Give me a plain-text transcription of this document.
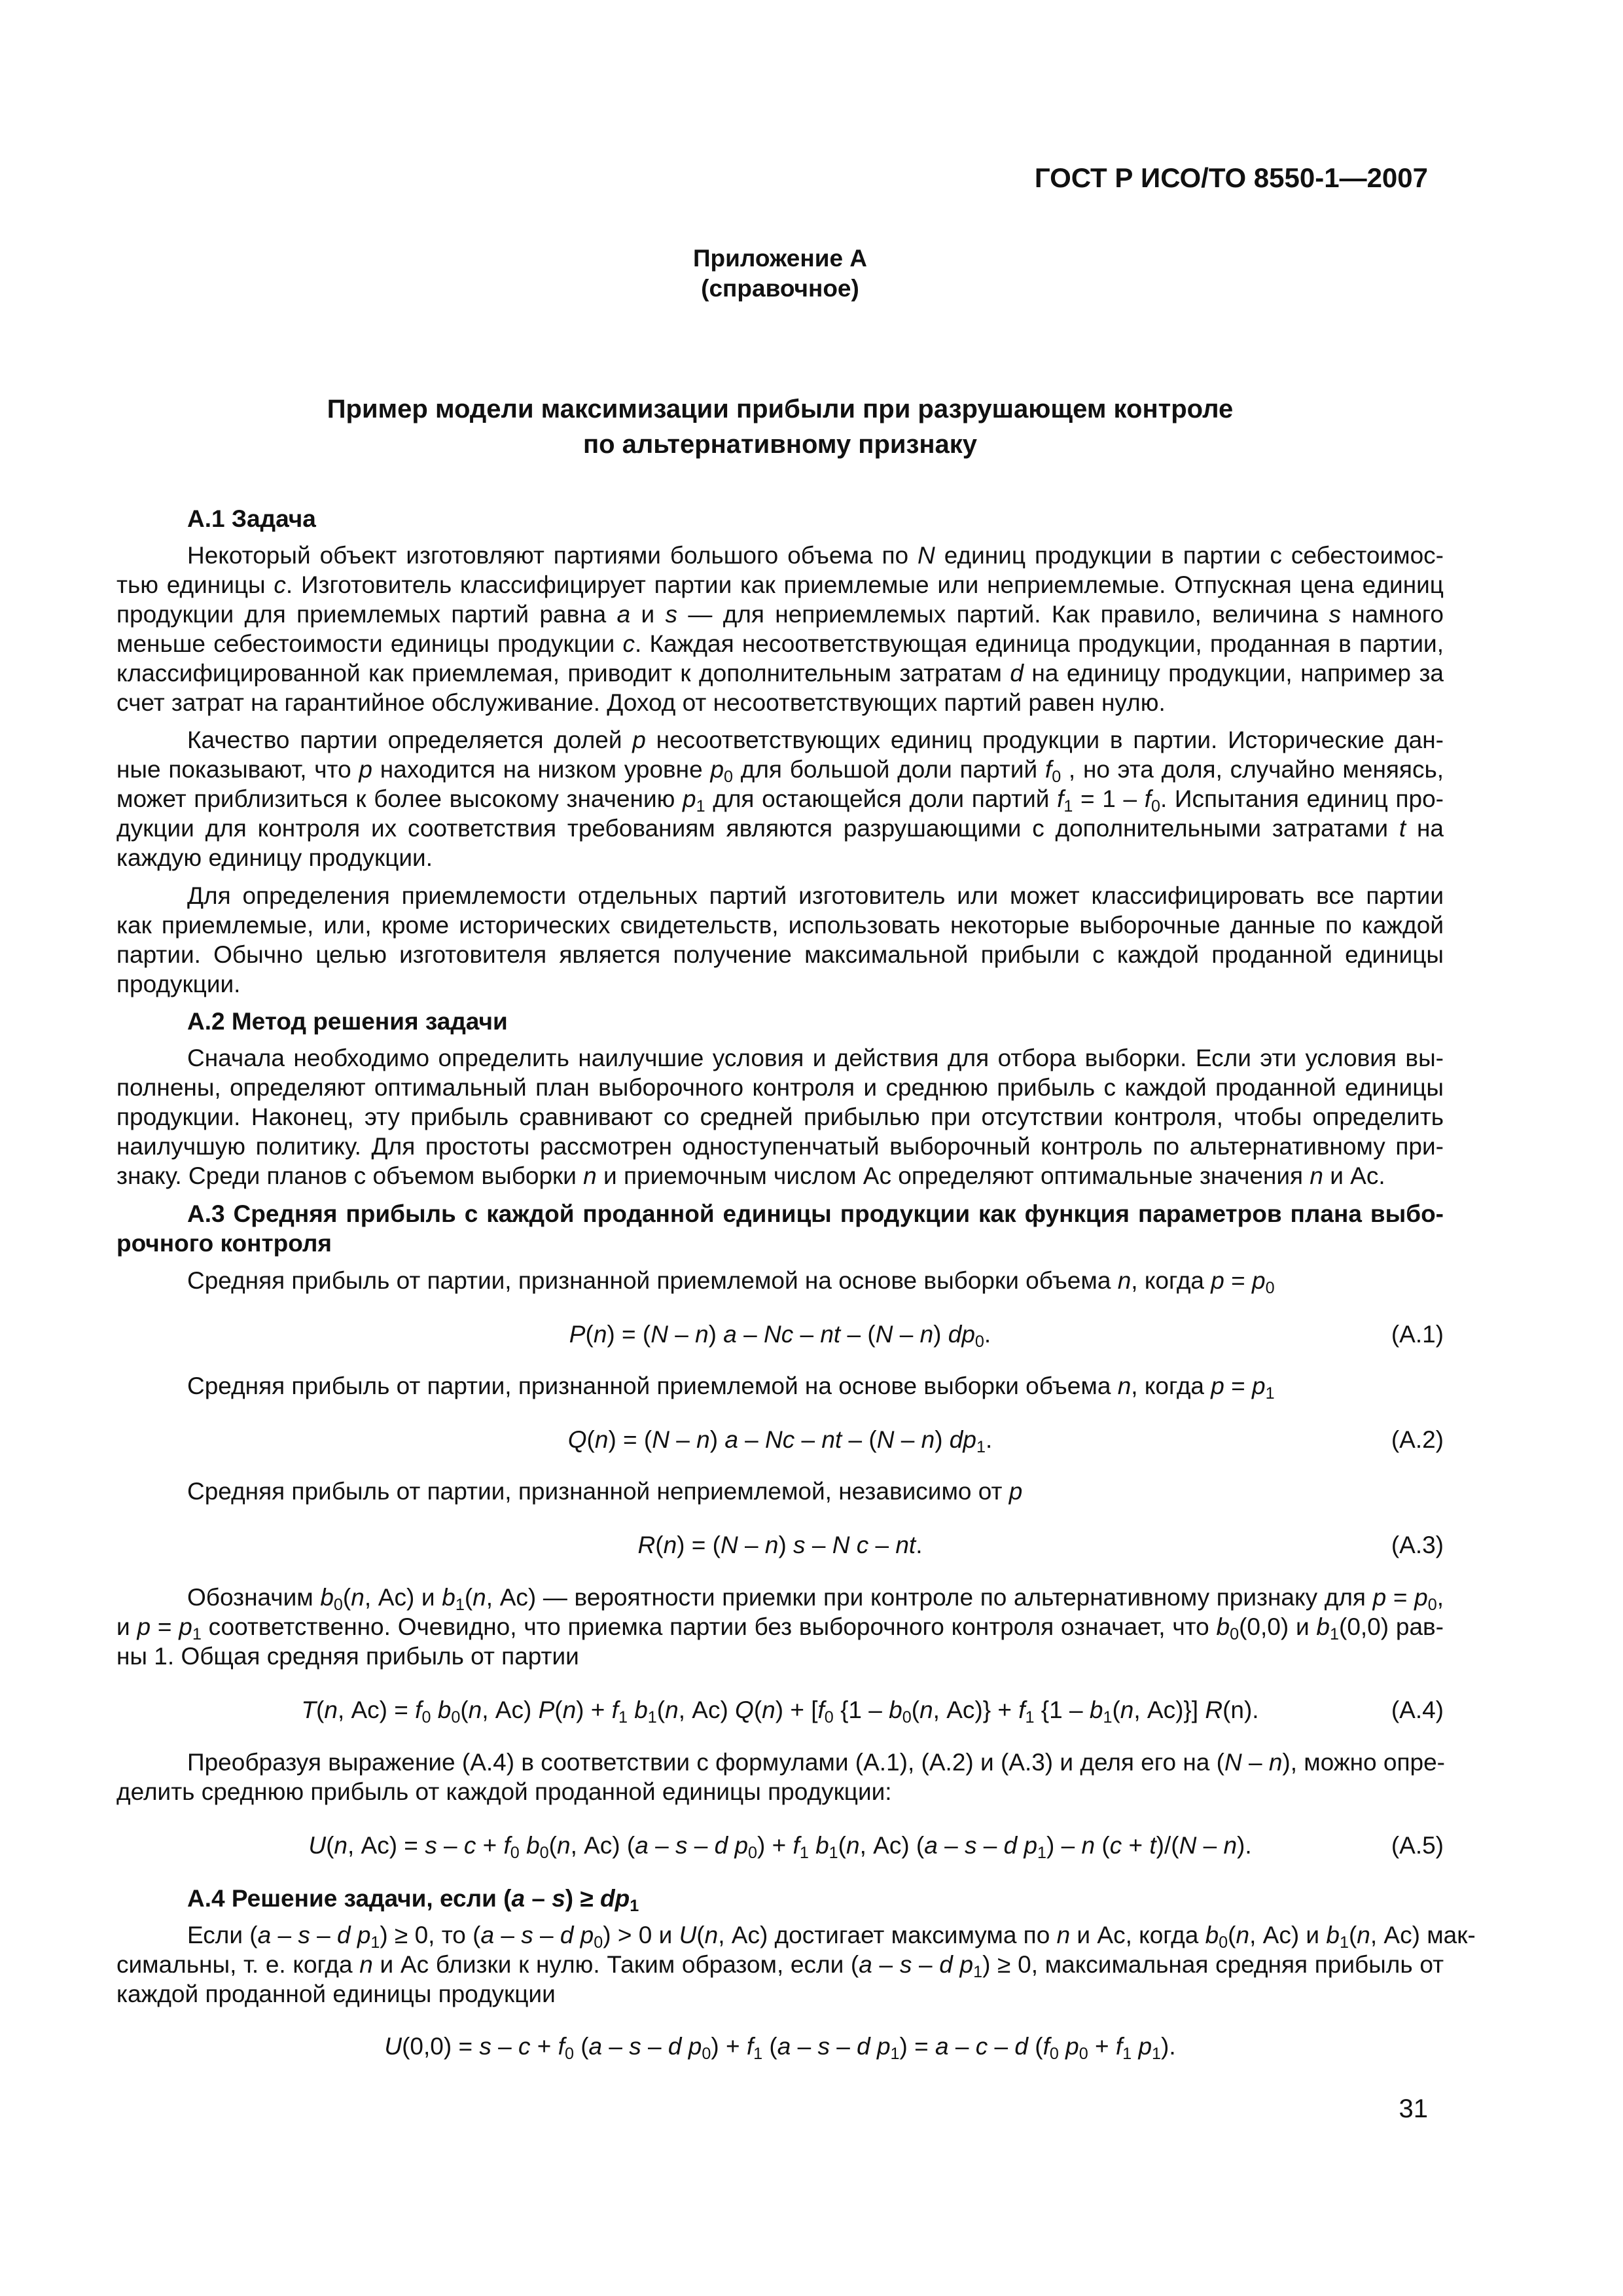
ГОСТ Р ИСО/ТО 8550-1—2007
Приложение А
(справочное)
Пример модели максимизации прибыли при разрушающем контроле
по альтернативному признаку
А.1 Задача
Некоторый объект изготовляют партиями большого объема по N единиц продукции в партии с себестоимос-
тью единицы c. Изготовитель классифицирует партии как приемлемые или неприемлемые. Отпускная цена единиц
продукции для приемлемых партий равна a и s — для неприемлемых партий. Как правило, величина s намного
меньше себестоимости единицы продукции c. Каждая несоответствующая единица продукции, проданная в партии,
классифицированной как приемлемая, приводит к дополнительным затратам d на единицу продукции, например за
счет затрат на гарантийное обслуживание. Доход от несоответствующих партий равен нулю.
Качество партии определяется долей p несоответствующих единиц продукции в партии. Исторические дан-
ные показывают, что p находится на низком уровне $p_0$ для большой доли партий $f_0$ , но эта доля, случайно меняясь,
может приблизиться к более высокому значению $p_1$ для остающейся доли партий $f_1 = 1 - f_0$. Испытания единиц про-
дукции для контроля их соответствия требованиям являются разрушающими с дополнительными затратами t на
каждую единицу продукции.
Для определения приемлемости отдельных партий изготовитель или может классифицировать все партии
как приемлемые, или, кроме исторических свидетельств, использовать некоторые выборочные данные по каждой
партии. Обычно целью изготовителя является получение максимальной прибыли с каждой проданной единицы
продукции.
А.2 Метод решения задачи
Сначала необходимо определить наилучшие условия и действия для отбора выборки. Если эти условия вы-
полнены, определяют оптимальный план выборочного контроля и среднюю прибыль с каждой проданной единицы
продукции. Наконец, эту прибыль сравнивают со средней прибылью при отсутствии контроля, чтобы определить
наилучшую политику. Для простоты рассмотрен одноступенчатый выборочный контроль по альтернативному при-
знаку. Среди планов с объемом выборки n и приемочным числом Ас определяют оптимальные значения n и Ас.
А.3 Средняя прибыль с каждой проданной единицы продукции как функция параметров плана выбо-
рочного контроля
Средняя прибыль от партии, признанной приемлемой на основе выборки объема n, когда $p = p_0$
P(n) = (N – n) a – Nc – nt – (N – n) $dp_0$.	(А.1)
Средняя прибыль от партии, признанной приемлемой на основе выборки объема n, когда $p = p_1$
Q(n) = (N – n) a – Nc – nt – (N – n) $dp_1$.	(А.2)
Средняя прибыль от партии, признанной неприемлемой, независимо от p
R(n) = (N – n) s – N c – nt.	(А.3)
Обозначим $b_0(n$, Ас) и $b_1(n$, Ас) — вероятности приемки при контроле по альтернативному признаку для $p = p_0$,
и $p = p_1$ соответственно. Очевидно, что приемка партии без выборочного контроля означает, что $b_0(0,0)$ и $b_1(0,0)$ рав-
ны 1. Общая средняя прибыль от партии
T(n, $Ас) = f_0$ $b_0(n$, Ас) $P(n) + f_1$ $b_1(n$, Ас) $Q(n) + [f_0$ {$1 - b_0(n$, $Ас)\} + f_1$ {$1 - b_1(n$, Ас)}] R(n).	(А.4)
Преобразуя выражение (А.4) в соответствии с формулами (А.1), (А.2) и (А.3) и деля его на (N – n), можно опре-
делить среднюю прибыль от каждой проданной единицы продукции:
U(n, $Ас) = s - c + f_0$ $b_0(n$, Ас) (a – s – d $p_0) + f_1$ $b_1(n$, Ас) (a – s – d $p_1$) – n (c + t)/(N – n).	(А.5)
А.4 Решение задачи, если $(a - s) \ge dp_1$
Если (a – s – d $p_1) \ge 0$, то (a – s – d $p_0) > 0$ и U(n, Ас) достигает максимума по n и Ас, когда $b_0(n$, Ас) и $b_1(n$, Ас) мак-
симальны, т. е. когда n и Ас близки к нулю. Таким образом, если (a – s – d $p_1) \ge 0$, максимальная средняя прибыль от
каждой проданной единицы продукции
$U(0,0) = s - c + f_0$ (a – s – d $p_0) + f_1$ (a – s – d $p_1) = a - c - d$ ($f_0$ $p_0 + f_1$ $p_1$).
31
